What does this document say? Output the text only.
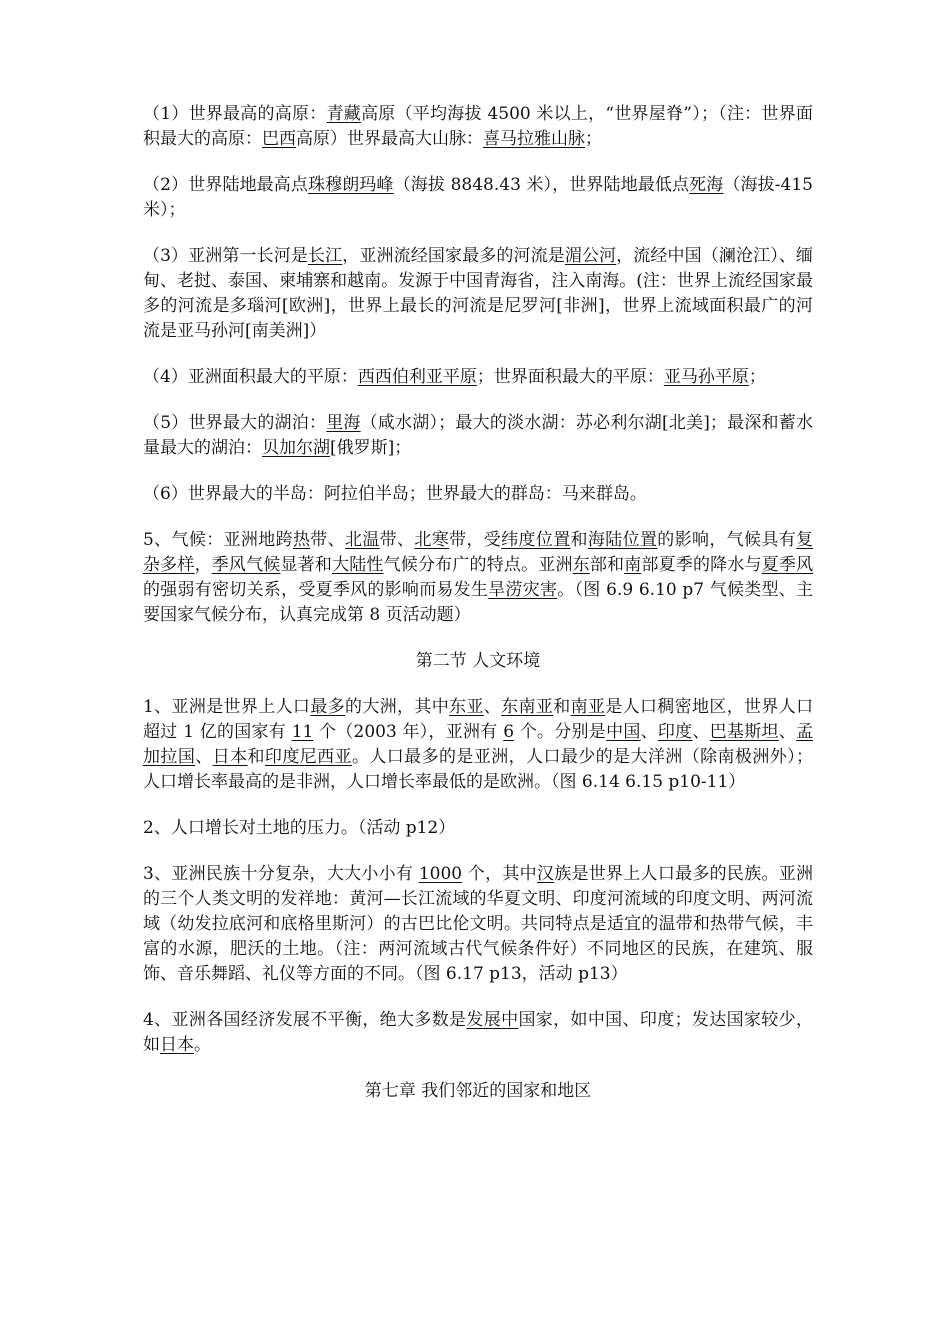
（1）世界最高的高原：青藏高原（平均海拔 4500 米以上，“世界屋脊”）；（注：世界面积最大的高原：巴西高原）世界最高大山脉：喜马拉雅山脉；

（2）世界陆地最高点珠穆朗玛峰（海拔 8848.43 米），世界陆地最低点死海（海拔-415 米）；

（3）亚洲第一长河是长江，亚洲流经国家最多的河流是湄公河，流经中国（澜沧江）、缅甸、老挝、泰国、柬埔寨和越南。发源于中国青海省，注入南海。(注：世界上流经国家最多的河流是多瑙河[欧洲]，世界上最长的河流是尼罗河[非洲]，世界上流域面积最广的河流是亚马孙河[南美洲]）

（4）亚洲面积最大的平原：西西伯利亚平原；世界面积最大的平原：亚马孙平原；

（5）世界最大的湖泊：里海（咸水湖）；最大的淡水湖：苏必利尔湖[北美]；最深和蓄水量最大的湖泊：贝加尔湖[俄罗斯]；

（6）世界最大的半岛：阿拉伯半岛；世界最大的群岛：马来群岛。

5、气候：亚洲地跨热带、北温带、北寒带，受纬度位置和海陆位置的影响，气候具有复杂多样，季风气候显著和大陆性气候分布广的特点。亚洲东部和南部夏季的降水与夏季风的强弱有密切关系，受夏季风的影响而易发生旱涝灾害。（图 6.9 6.10 p7 气候类型、主要国家气候分布，认真完成第 8 页活动题）

第二节 人文环境

1、亚洲是世界上人口最多的大洲，其中东亚、东南亚和南亚是人口稠密地区，世界人口超过 1 亿的国家有 11 个（2003 年），亚洲有 6 个。分别是中国、印度、巴基斯坦、孟加拉国、日本和印度尼西亚。人口最多的是亚洲，人口最少的是大洋洲（除南极洲外）；人口增长率最高的是非洲，人口增长率最低的是欧洲。（图 6.14 6.15 p10-11）

2、人口增长对土地的压力。（活动 p12）

3、亚洲民族十分复杂，大大小小有 1000 个，其中汉族是世界上人口最多的民族。亚洲的三个人类文明的发祥地：黄河—长江流域的华夏文明、印度河流域的印度文明、两河流域（幼发拉底河和底格里斯河）的古巴比伦文明。共同特点是适宜的温带和热带气候，丰富的水源，肥沃的土地。（注：两河流域古代气候条件好）不同地区的民族，在建筑、服饰、音乐舞蹈、礼仪等方面的不同。（图 6.17 p13，活动 p13）

4、亚洲各国经济发展不平衡，绝大多数是发展中国家，如中国、印度；发达国家较少，如日本。

第七章 我们邻近的国家和地区
